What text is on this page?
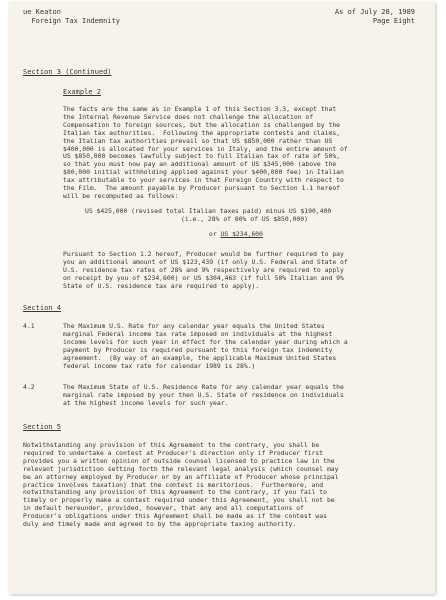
ue Keaton
Foreign Tax Indemnity

As of July 28, 1989
Page Eight

Section 3 (Continued)

Example 2

The facts are the same as in Example 1 of this Section 3.3, except that
the Internal Revenue Service does not challenge the allocation of
Compensation to foreign sources, but the allocation is challenged by the
Italian tax authorities.  Following the appropriate contests and claims,
the Italian tax authorities prevail so that US $850,000 rather than US
$400,000 is allocated for your services in Italy, and the entire amount of
US $850,000 becomes lawfully subject to full Italian tax of rate of 50%,
so that you must now pay an additional amount of US $345,000 (above the
$80,000 initial withholding applied against your $400,000 fee) in Italian
tax attributable to your services in that Foreign Country with respect to
the Film.  The amount payable by Producer pursuant to Section 1.1 hereof
will be recomputed as follows:

US $425,000 (revised total Italian taxes paid) minus US $190,400

(i.e., 28% of 80% of US $850,000)

or US $234,600

Pursuant to Section 1.2 hereof, Producer would be further required to pay
you an additional amount of US $123,439 (if only U.S. Federal and State of
U.S. residence tax rates of 28% and 9% respectively are required to apply
on receipt by you of $234,600) or US $304,463 (if full 50% Italian and 9%
State of U.S. residence tax are required to apply).

Section 4

4.1	The Maximum U.S. Rate for any calendar year equals the United States
marginal Federal income tax rate imposed on individuals at the highest
income levels for such year in effect for the calendar year during which a
payment by Producer is required pursuant to this foreign tax indemnity
agreement.  (By way of an example, the applicable Maximum United States
federal income tax rate for calendar 1989 is 28%.)

4.2	The Maximum State of U.S. Residence Rate for any calendar year equals the
marginal rate imposed by your then U.S. State of residence on individuals
at the highest income levels for such year.

Section 5

Notwithstanding any provision of this Agreement to the contrary, you shall be
required to undertake a contest at Producer's direction only if Producer first
provides you a written opinion of outside counsel licensed to practice law in the
relevant jurisdiction setting forth the relevant legal analysis (which counsel may
be an attorney employed by Producer or by an affiliate of Producer whose principal
practice involves taxation) that the contest is meritorious.  Furthermore, and
notwithstanding any provision of this Agreement to the contrary, if you fail to
timely or properly make a contest required under this Agreement, you shall not be
in default hereunder, provided, however, that any and all computations of
Producer's obligations under this Agreement shall be made as if the contest was
duly and timely made and agreed to by the appropriate taxing authority.
